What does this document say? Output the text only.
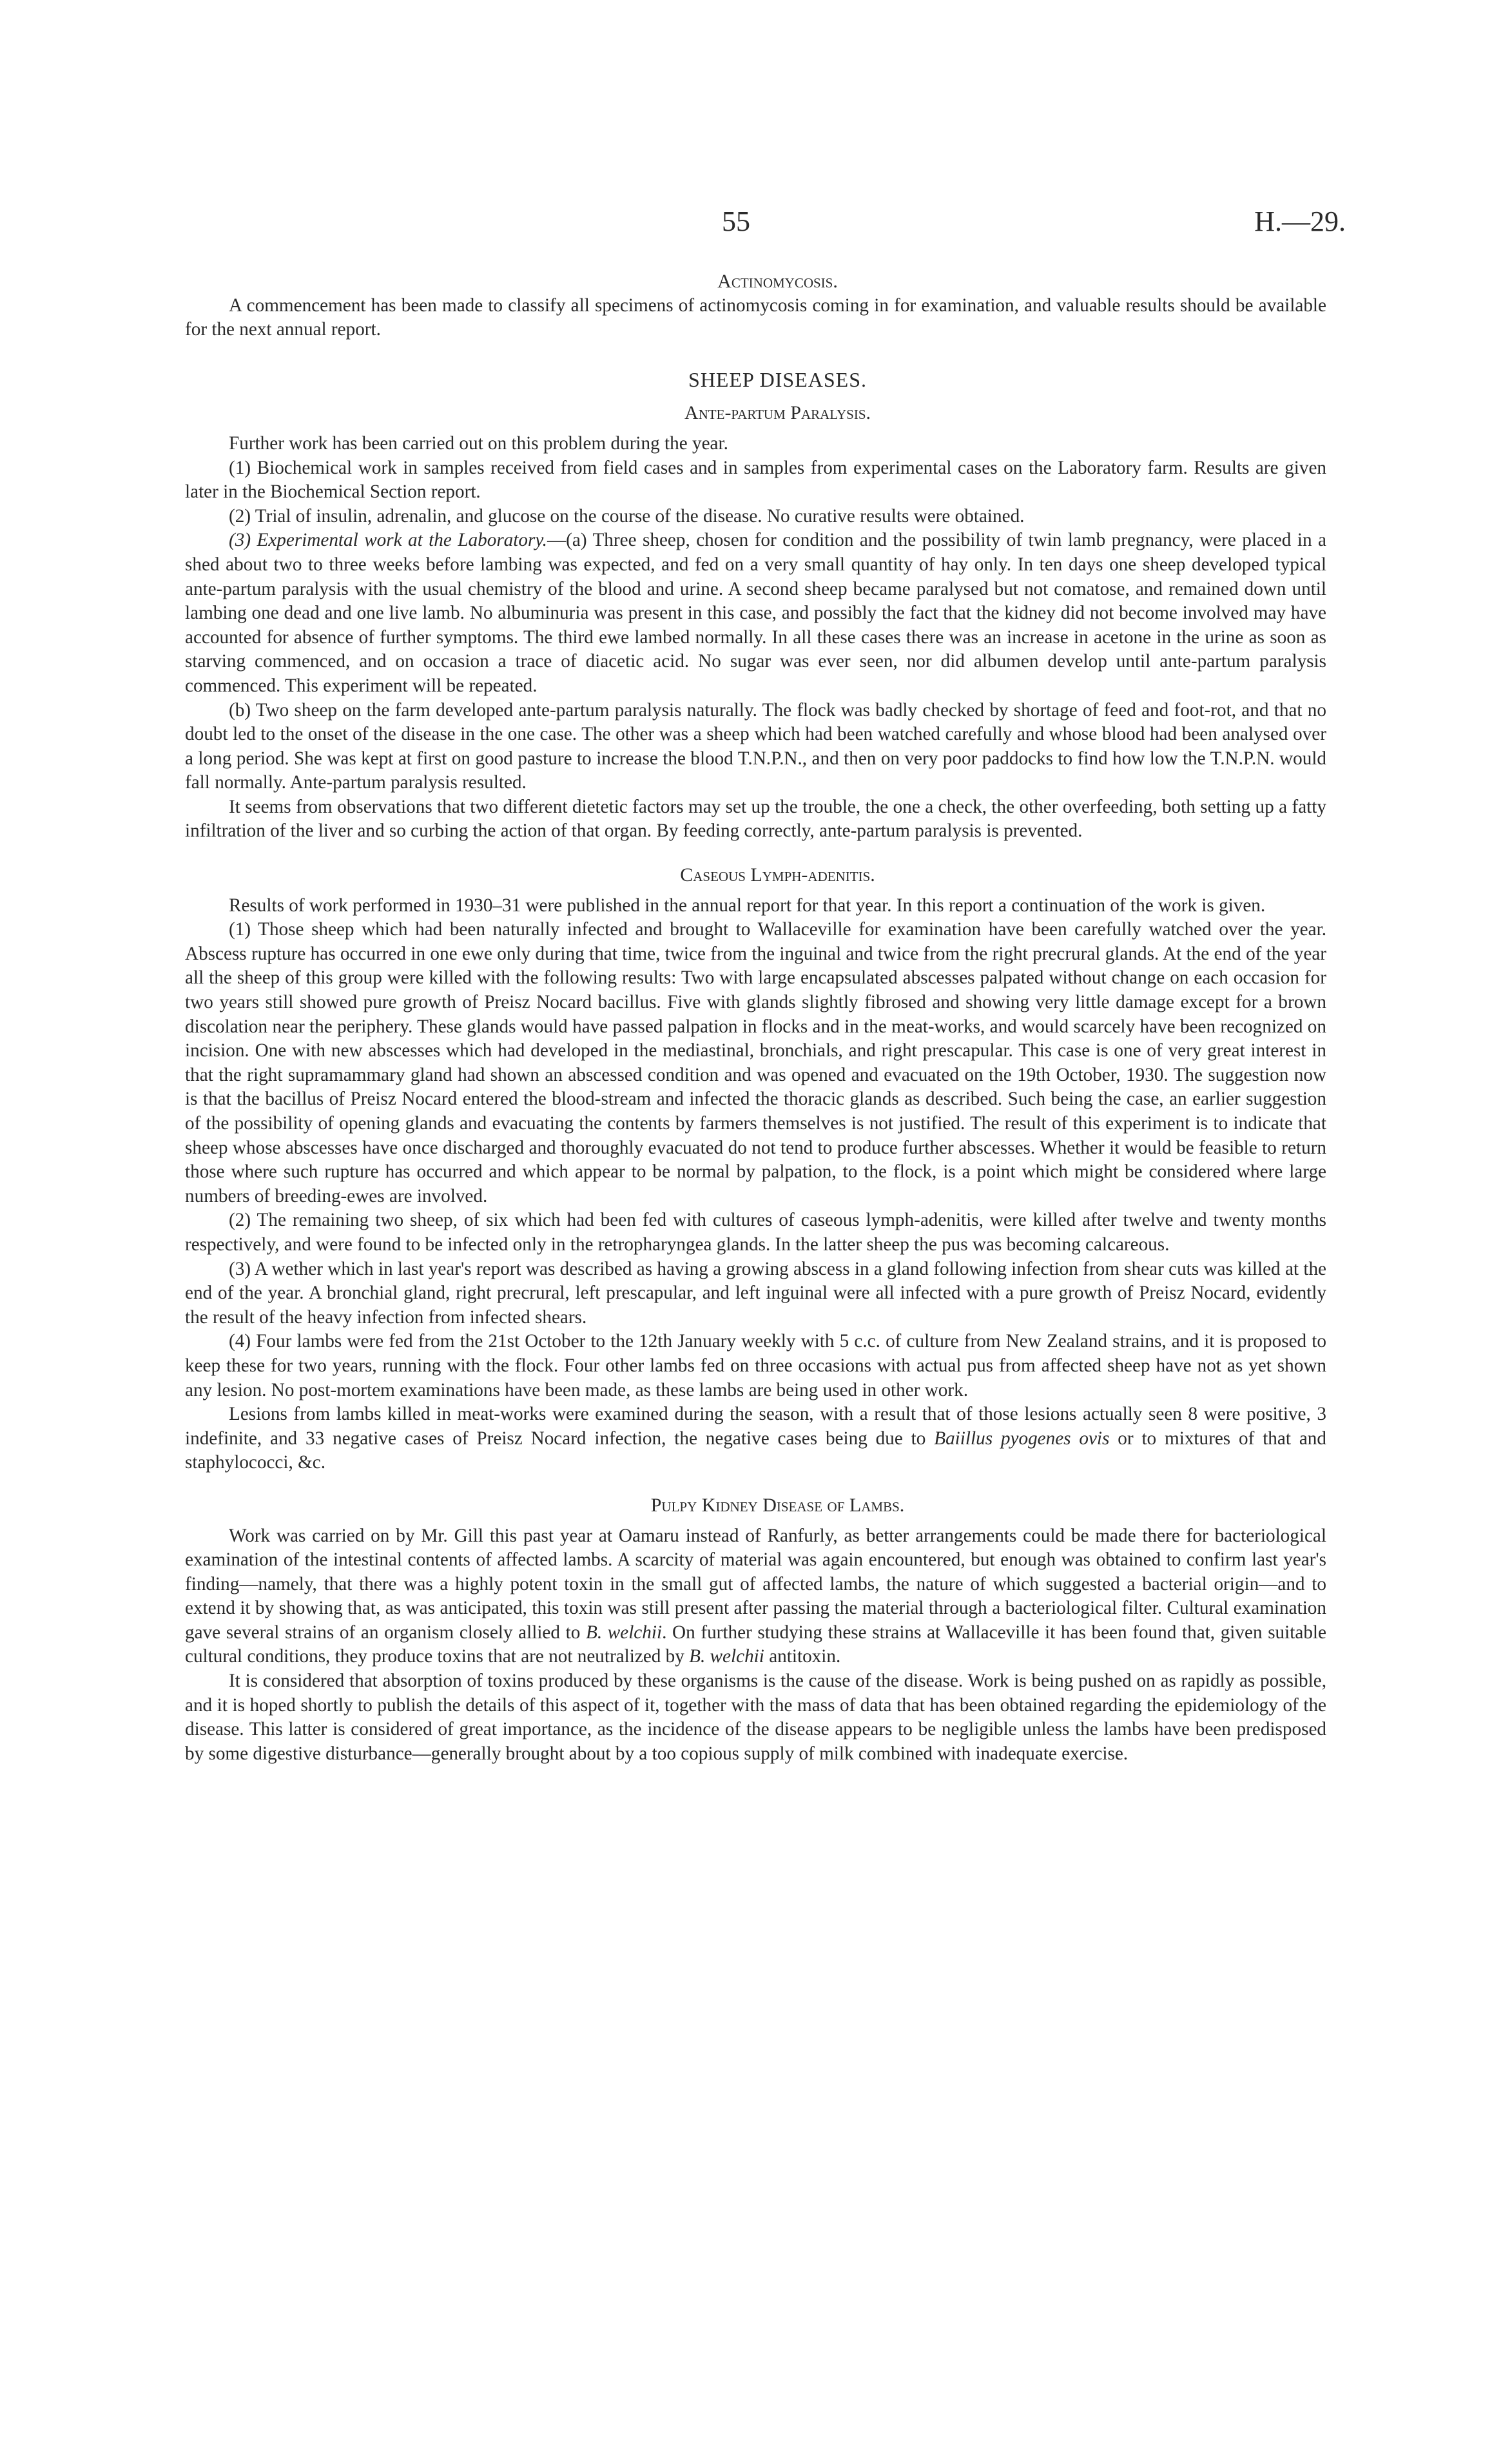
55	H.—29.

Actinomycosis.

A commencement has been made to classify all specimens of actinomycosis coming in for examination, and valuable results should be available for the next annual report.

SHEEP DISEASES.

Ante-partum Paralysis.

Further work has been carried out on this problem during the year.

(1) Biochemical work in samples received from field cases and in samples from experimental cases on the Laboratory farm. Results are given later in the Biochemical Section report.

(2) Trial of insulin, adrenalin, and glucose on the course of the disease. No curative results were obtained.

(3) Experimental work at the Laboratory.—(a) Three sheep, chosen for condition and the possibility of twin lamb pregnancy, were placed in a shed about two to three weeks before lambing was expected, and fed on a very small quantity of hay only. In ten days one sheep developed typical ante-partum paralysis with the usual chemistry of the blood and urine. A second sheep became paralysed but not comatose, and remained down until lambing one dead and one live lamb. No albuminuria was present in this case, and possibly the fact that the kidney did not become involved may have accounted for absence of further symptoms. The third ewe lambed normally. In all these cases there was an increase in acetone in the urine as soon as starving commenced, and on occasion a trace of diacetic acid. No sugar was ever seen, nor did albumen develop until ante-partum paralysis commenced. This experiment will be repeated.

(b) Two sheep on the farm developed ante-partum paralysis naturally. The flock was badly checked by shortage of feed and foot-rot, and that no doubt led to the onset of the disease in the one case. The other was a sheep which had been watched carefully and whose blood had been analysed over a long period. She was kept at first on good pasture to increase the blood T.N.P.N., and then on very poor paddocks to find how low the T.N.P.N. would fall normally. Ante-partum paralysis resulted.

It seems from observations that two different dietetic factors may set up the trouble, the one a check, the other overfeeding, both setting up a fatty infiltration of the liver and so curbing the action of that organ. By feeding correctly, ante-partum paralysis is prevented.

Caseous Lymph-adenitis.

Results of work performed in 1930–31 were published in the annual report for that year. In this report a continuation of the work is given.

(1) Those sheep which had been naturally infected and brought to Wallaceville for examination have been carefully watched over the year. Abscess rupture has occurred in one ewe only during that time, twice from the inguinal and twice from the right precrural glands. At the end of the year all the sheep of this group were killed with the following results: Two with large encapsulated abscesses palpated without change on each occasion for two years still showed pure growth of Preisz Nocard bacillus. Five with glands slightly fibrosed and showing very little damage except for a brown discolation near the periphery. These glands would have passed palpation in flocks and in the meat-works, and would scarcely have been recognized on incision. One with new abscesses which had developed in the mediastinal, bronchials, and right prescapular. This case is one of very great interest in that the right supramammary gland had shown an abscessed condition and was opened and evacuated on the 19th October, 1930. The suggestion now is that the bacillus of Preisz Nocard entered the blood-stream and infected the thoracic glands as described. Such being the case, an earlier suggestion of the possibility of opening glands and evacuating the contents by farmers themselves is not justified. The result of this experiment is to indicate that sheep whose abscesses have once discharged and thoroughly evacuated do not tend to produce further abscesses. Whether it would be feasible to return those where such rupture has occurred and which appear to be normal by palpation, to the flock, is a point which might be considered where large numbers of breeding-ewes are involved.

(2) The remaining two sheep, of six which had been fed with cultures of caseous lymph-adenitis, were killed after twelve and twenty months respectively, and were found to be infected only in the retropharyngea glands. In the latter sheep the pus was becoming calcareous.

(3) A wether which in last year's report was described as having a growing abscess in a gland following infection from shear cuts was killed at the end of the year. A bronchial gland, right precrural, left prescapular, and left inguinal were all infected with a pure growth of Preisz Nocard, evidently the result of the heavy infection from infected shears.

(4) Four lambs were fed from the 21st October to the 12th January weekly with 5 c.c. of culture from New Zealand strains, and it is proposed to keep these for two years, running with the flock. Four other lambs fed on three occasions with actual pus from affected sheep have not as yet shown any lesion. No post-mortem examinations have been made, as these lambs are being used in other work.

Lesions from lambs killed in meat-works were examined during the season, with a result that of those lesions actually seen 8 were positive, 3 indefinite, and 33 negative cases of Preisz Nocard infection, the negative cases being due to Baiillus pyogenes ovis or to mixtures of that and staphylococci, &c.

Pulpy Kidney Disease of Lambs.

Work was carried on by Mr. Gill this past year at Oamaru instead of Ranfurly, as better arrangements could be made there for bacteriological examination of the intestinal contents of affected lambs. A scarcity of material was again encountered, but enough was obtained to confirm last year's finding—namely, that there was a highly potent toxin in the small gut of affected lambs, the nature of which suggested a bacterial origin—and to extend it by showing that, as was anticipated, this toxin was still present after passing the material through a bacteriological filter. Cultural examination gave several strains of an organism closely allied to B. welchii. On further studying these strains at Wallaceville it has been found that, given suitable cultural conditions, they produce toxins that are not neutralized by B. welchii antitoxin.

It is considered that absorption of toxins produced by these organisms is the cause of the disease. Work is being pushed on as rapidly as possible, and it is hoped shortly to publish the details of this aspect of it, together with the mass of data that has been obtained regarding the epidemiology of the disease. This latter is considered of great importance, as the incidence of the disease appears to be negligible unless the lambs have been predisposed by some digestive disturbance—generally brought about by a too copious supply of milk combined with inadequate exercise.
